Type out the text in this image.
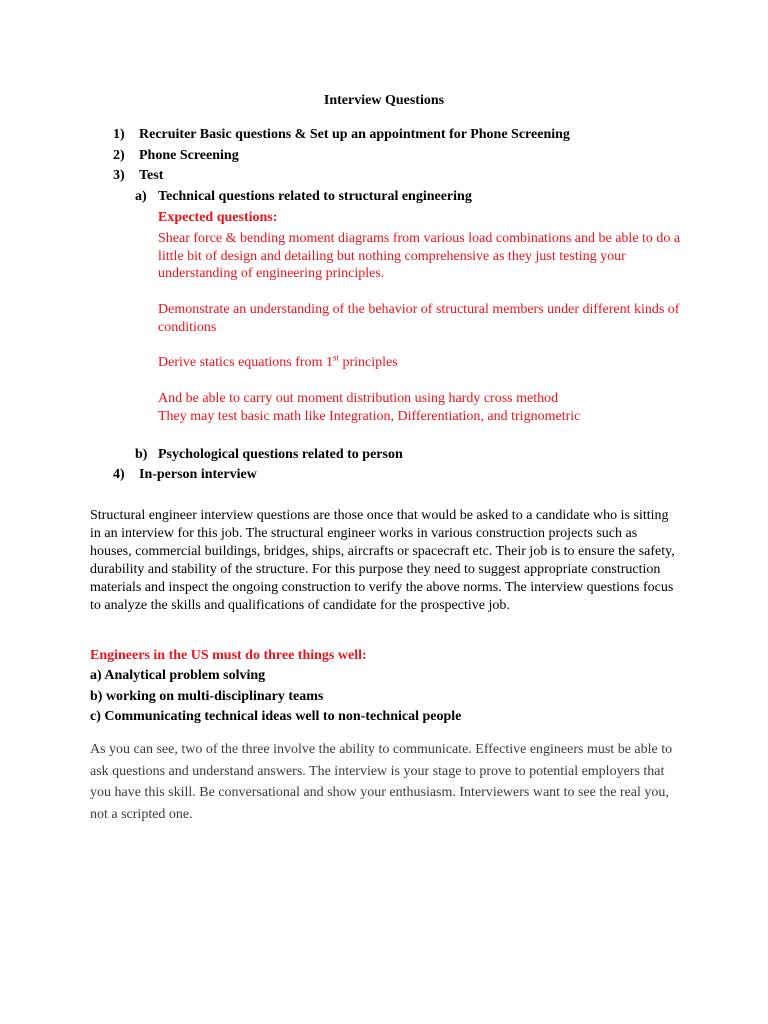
Interview Questions
1) Recruiter Basic questions & Set up an appointment for Phone Screening
2) Phone Screening
3) Test
a) Technical questions related to structural engineering
Expected questions:
Shear force & bending moment diagrams from various load combinations and be able to do a little bit of design and detailing but nothing comprehensive as they just testing your understanding of engineering principles.
Demonstrate an understanding of the behavior of structural members under different kinds of conditions
Derive statics equations from 1st principles
And be able to carry out moment distribution using hardy cross method
They may test basic math like Integration, Differentiation, and trignometric
b) Psychological questions related to person
4) In-person interview
Structural engineer interview questions are those once that would be asked to a candidate who is sitting in an interview for this job. The structural engineer works in various construction projects such as houses, commercial buildings, bridges, ships, aircrafts or spacecraft etc. Their job is to ensure the safety, durability and stability of the structure. For this purpose they need to suggest appropriate construction materials and inspect the ongoing construction to verify the above norms. The interview questions focus to analyze the skills and qualifications of candidate for the prospective job.
Engineers in the US must do three things well:
a) Analytical problem solving
b) working on multi-disciplinary teams
c) Communicating technical ideas well to non-technical people
As you can see, two of the three involve the ability to communicate. Effective engineers must be able to ask questions and understand answers. The interview is your stage to prove to potential employers that you have this skill. Be conversational and show your enthusiasm. Interviewers want to see the real you, not a scripted one.
